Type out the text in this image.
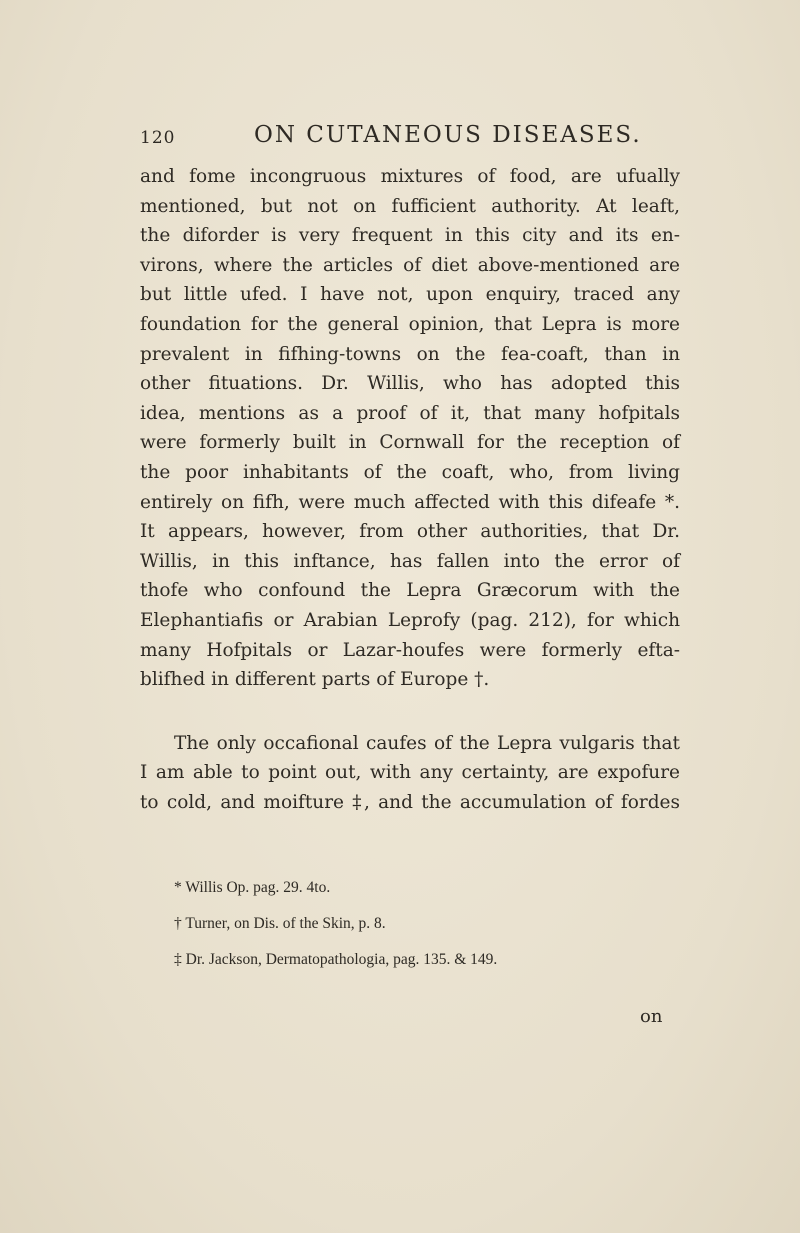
120	ON CUTANEOUS DISEASES.
and fome incongruous mixtures of food, are ufually
mentioned, but not on fufficient authority. At leaft,
the diforder is very frequent in this city and its en-
virons, where the articles of diet above-mentioned are
but little ufed. I have not, upon enquiry, traced any
foundation for the general opinion, that Lepra is more
prevalent in fifhing-towns on the fea-coaft, than in
other fituations. Dr. Willis, who has adopted this
idea, mentions as a proof of it, that many hofpitals
were formerly built in Cornwall for the reception of
the poor inhabitants of the coaft, who, from living
entirely on fifh, were much affected with this difeafe *.
It appears, however, from other authorities, that Dr.
Willis, in this inftance, has fallen into the error of
thofe who confound the Lepra Græcorum with the
Elephantiafis or Arabian Leprofy (pag. 212), for which
many Hofpitals or Lazar-houfes were formerly efta-
blifhed in different parts of Europe †.
The only occafional caufes of the Lepra vulgaris that
I am able to point out, with any certainty, are expofure
to cold, and moifture ‡, and the accumulation of fordes
* Willis Op. pag. 29. 4to.
† Turner, on Dis. of the Skin, p. 8.
‡ Dr. Jackson, Dermatopathologia, pag. 135. & 149.
on
